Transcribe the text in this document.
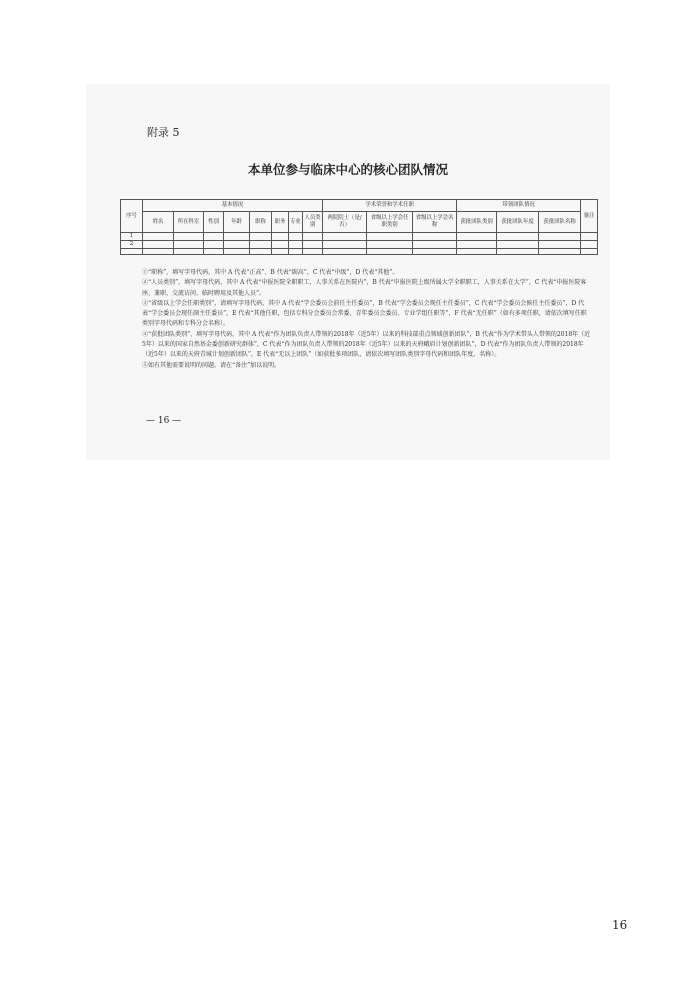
附录 5
本单位参与临床中心的核心团队情况
序号	基本情况								学术荣誉和学术任职			带领团队情况			备注
	姓名	所在科室	性别	年龄	职称	职务	专业	人员类别	两院院士（是/否）	省级以上学会任职类别	省级以上学会名称	获批团队类别	获批团队年度	获批团队名称	
1															
2															

①“职称”，填写字母代码，其中 A 代表“正高”，B 代表“副高”，C 代表“中级”，D 代表“其他”。

②“人员类别”，填写字母代码，其中 A 代表“申报医院全职职工，人事关系在医院内”，B 代表“申报医院上级所属大学全职职工，人事关系在大学”，C 代表“申报医院客座、兼职、交流访问、临时聘用及其他人员”。

③“省级以上学会任职类别”，请填写字母代码，其中 A 代表“学会委员会前任主任委员”，B 代表“学会委员会现任主任委员”，C 代表“学会委员会候任主任委员”，D 代表“学会委员会现任副主任委员”，E 代表“其他任职，包括专科分会委员会常委、青年委员会委员、专业学组任职等”，F 代表“无任职”（如有多项任职，请依次填写任职类别字母代码和专科分会名称）。

④“获批团队类别”，填写字母代码，其中 A 代表“作为团队负责人带领的2018年（近5年）以来的科技部重点领域创新团队”，B 代表“作为学术带头人带领的2018年（近5年）以来的国家自然基金委创新研究群体”，C 代表“作为团队负责人带领的2018年（近5年）以来的天府峨眉计划创新团队”，D 代表“作为团队负责人带领的2018年（近5年）以来的天府青城计划创新团队”，E 代表“无以上团队”（如获批多项团队，请依次填写团队类别字母代码和团队年度、名称）。

⑤如有其他需要说明的问题，请在“备注”加以说明。

— 16 —
16
